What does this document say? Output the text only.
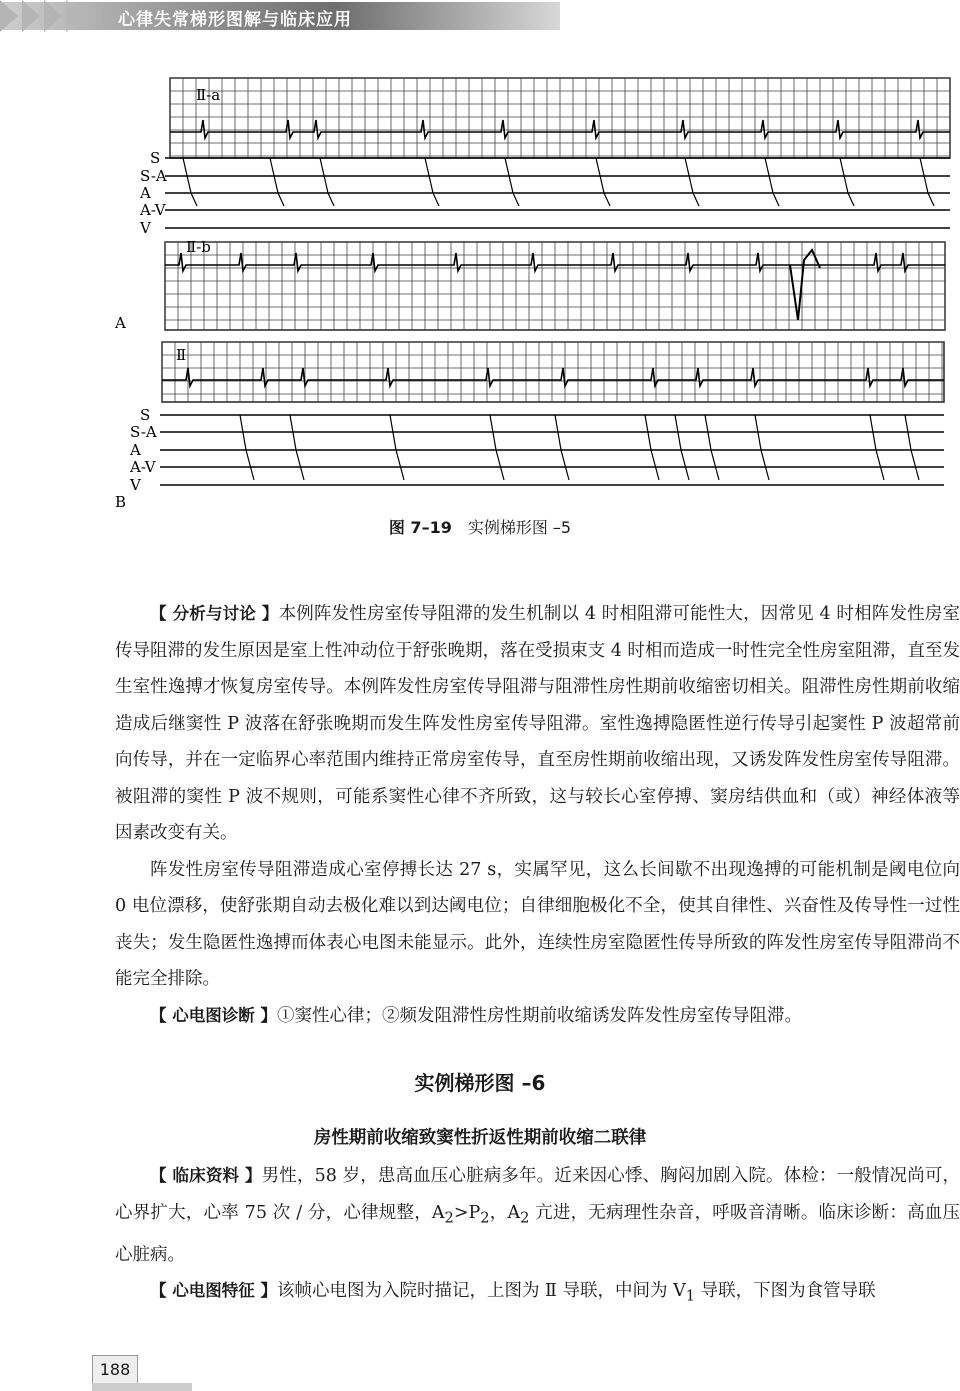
心律失常梯形图解与临床应用
Ⅱ-a
S
S-A
A
A-V
V
Ⅱ-b
A
Ⅱ
S
S-A
A
A-V
V
B
图 7–19 实例梯形图 –5

【 分析与讨论 】本例阵发性房室传导阻滞的发生机制以 4 时相阻滞可能性大，因常见 4 时相阵发性房室传导阻滞的发生原因是室上性冲动位于舒张晚期，落在受损束支 4 时相而造成一时性完全性房室阻滞，直至发生室性逸搏才恢复房室传导。本例阵发性房室传导阻滞与阻滞性房性期前收缩密切相关。阻滞性房性期前收缩造成后继窦性 P 波落在舒张晚期而发生阵发性房室传导阻滞。室性逸搏隐匿性逆行传导引起窦性 P 波超常前向传导，并在一定临界心率范围内维持正常房室传导，直至房性期前收缩出现，又诱发阵发性房室传导阻滞。被阻滞的窦性 P 波不规则，可能系窦性心律不齐所致，这与较长心室停搏、窦房结供血和（或）神经体液等因素改变有关。

阵发性房室传导阻滞造成心室停搏长达 27 s，实属罕见，这么长间歇不出现逸搏的可能机制是阈电位向 0 电位漂移，使舒张期自动去极化难以到达阈电位；自律细胞极化不全，使其自律性、兴奋性及传导性一过性丧失；发生隐匿性逸搏而体表心电图未能显示。此外，连续性房室隐匿性传导所致的阵发性房室传导阻滞尚不能完全排除。

【 心电图诊断 】①窦性心律；②频发阻滞性房性期前收缩诱发阵发性房室传导阻滞。

实例梯形图 –6
房性期前收缩致窦性折返性期前收缩二联律

【 临床资料 】男性，58 岁，患高血压心脏病多年。近来因心悸、胸闷加剧入院。体检：一般情况尚可，心界扩大，心率 75 次 / 分，心律规整，$A_2>P_2$，$A_2$ 亢进，无病理性杂音，呼吸音清晰。临床诊断：高血压心脏病。

【 心电图特征 】该帧心电图为入院时描记，上图为 Ⅱ 导联，中间为 $V_1$ 导联，下图为食管导联

188
